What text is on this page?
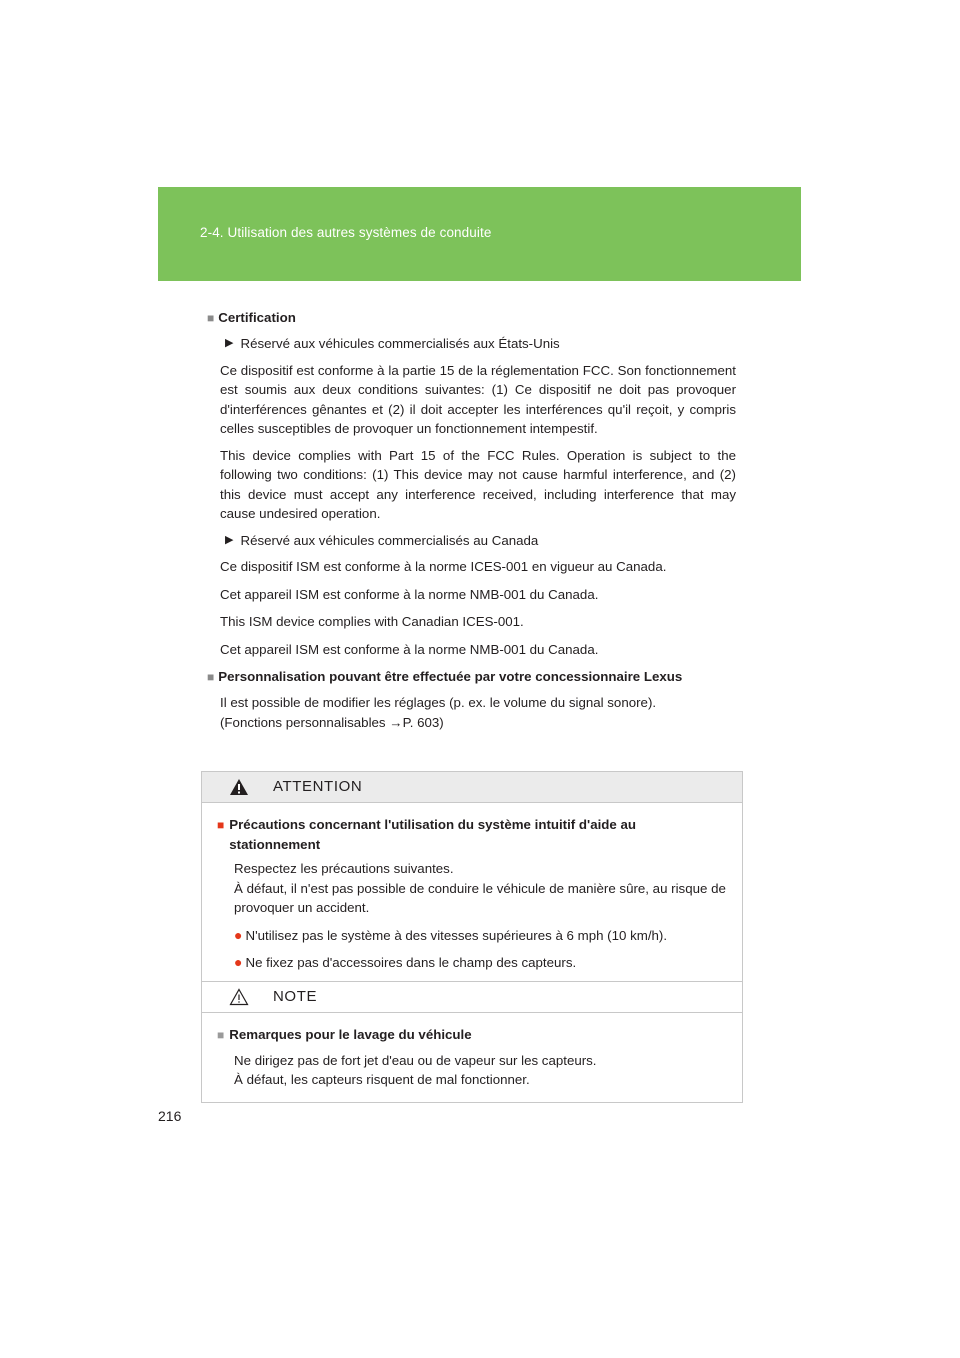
2-4. Utilisation des autres systèmes de conduite
■ Certification
▶ Réservé aux véhicules commercialisés aux États-Unis
Ce dispositif est conforme à la partie 15 de la réglementation FCC. Son fonctionnement est soumis aux deux conditions suivantes: (1) Ce dispositif ne doit pas provoquer d'interférences gênantes et (2) il doit accepter les interférences qu'il reçoit, y compris celles susceptibles de provoquer un fonctionnement intempestif.
This device complies with Part 15 of the FCC Rules. Operation is subject to the following two conditions: (1) This device may not cause harmful interference, and (2) this device must accept any interference received, including interference that may cause undesired operation.
▶ Réservé aux véhicules commercialisés au Canada
Ce dispositif ISM est conforme à la norme ICES-001 en vigueur au Canada.
Cet appareil ISM est conforme à la norme NMB-001 du Canada.
This ISM device complies with Canadian ICES-001.
Cet appareil ISM est conforme à la norme NMB-001 du Canada.
■ Personnalisation pouvant être effectuée par votre concessionnaire Lexus
Il est possible de modifier les réglages (p. ex. le volume du signal sonore).
(Fonctions personnalisables →P. 603)
ATTENTION
■ Précautions concernant l'utilisation du système intuitif d'aide au stationnement
Respectez les précautions suivantes.
À défaut, il n'est pas possible de conduire le véhicule de manière sûre, au risque de provoquer un accident.
● N'utilisez pas le système à des vitesses supérieures à 6 mph (10 km/h).
● Ne fixez pas d'accessoires dans le champ des capteurs.
NOTE
■ Remarques pour le lavage du véhicule
Ne dirigez pas de fort jet d'eau ou de vapeur sur les capteurs.
À défaut, les capteurs risquent de mal fonctionner.
216
